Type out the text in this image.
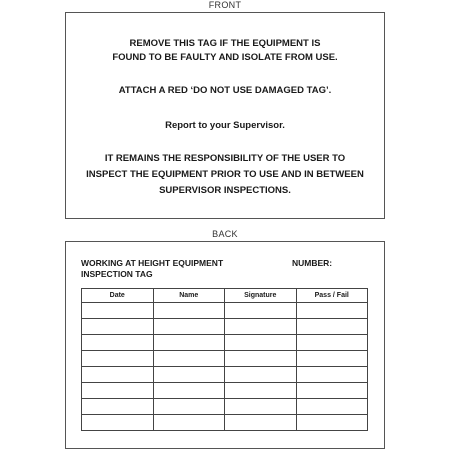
FRONT
REMOVE THIS TAG IF THE EQUIPMENT IS
FOUND TO BE FAULTY AND ISOLATE FROM USE.
ATTACH A RED ‘DO NOT USE DAMAGED TAG’.
Report to your Supervisor.
IT REMAINS THE RESPONSIBILITY OF THE USER TO
INSPECT THE EQUIPMENT PRIOR TO USE AND IN BETWEEN
SUPERVISOR INSPECTIONS.
BACK
WORKING AT HEIGHT EQUIPMENT
INSPECTION TAG
NUMBER:
Date	Name	Signature	Pass / Fail
